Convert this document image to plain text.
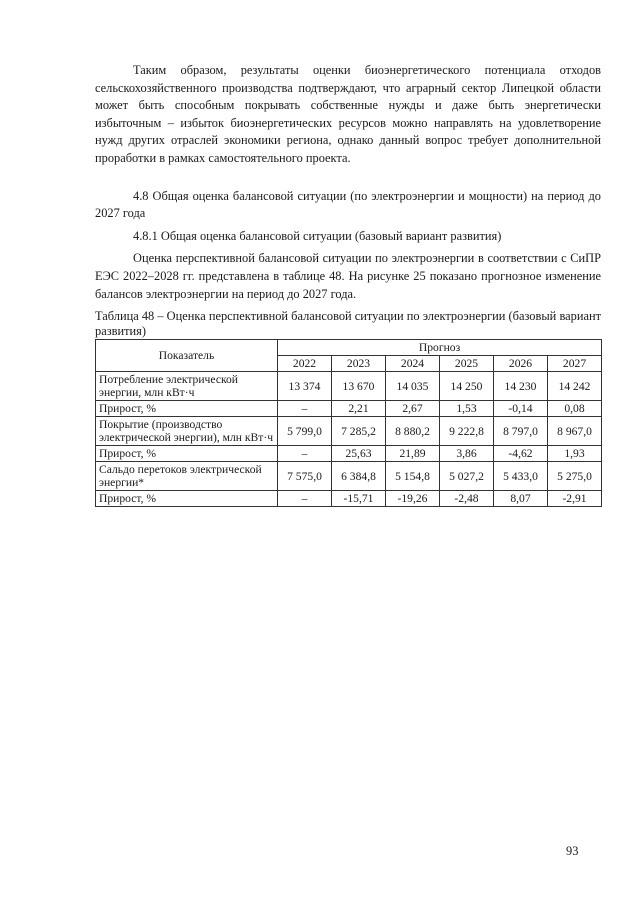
Таким образом, результаты оценки биоэнергетического потенциала отходов сельскохозяйственного производства подтверждают, что аграрный сектор Липецкой области может быть способным покрывать собственные нужды и даже быть энергетически избыточным – избыток биоэнергетических ресурсов можно направлять на удовлетворение нужд других отраслей экономики региона, однако данный вопрос требует дополнительной проработки в рамках самостоятельного проекта.

4.8 Общая оценка балансовой ситуации (по электроэнергии и мощности) на период до 2027 года

4.8.1 Общая оценка балансовой ситуации (базовый вариант развития)

Оценка перспективной балансовой ситуации по электроэнергии в соответствии с СиПР ЕЭС 2022–2028 гг. представлена в таблице 48. На рисунке 25 показано прогнозное изменение балансов электроэнергии на период до 2027 года.

Таблица 48 – Оценка перспективной балансовой ситуации по электроэнергии (базовый вариант развития)

Показатель	Прогноз					
	2022	2023	2024	2025	2026	2027
Потребление электрической энергии, млн кВт·ч	13 374	13 670	14 035	14 250	14 230	14 242
Прирост, %	–	2,21	2,67	1,53	-0,14	0,08
Покрытие (производство электрической энергии), млн кВт·ч	5 799,0	7 285,2	8 880,2	9 222,8	8 797,0	8 967,0
Прирост, %	–	25,63	21,89	3,86	-4,62	1,93
Сальдо перетоков электрической энергии*	7 575,0	6 384,8	5 154,8	5 027,2	5 433,0	5 275,0
Прирост, %	–	-15,71	-19,26	-2,48	8,07	-2,91
93
